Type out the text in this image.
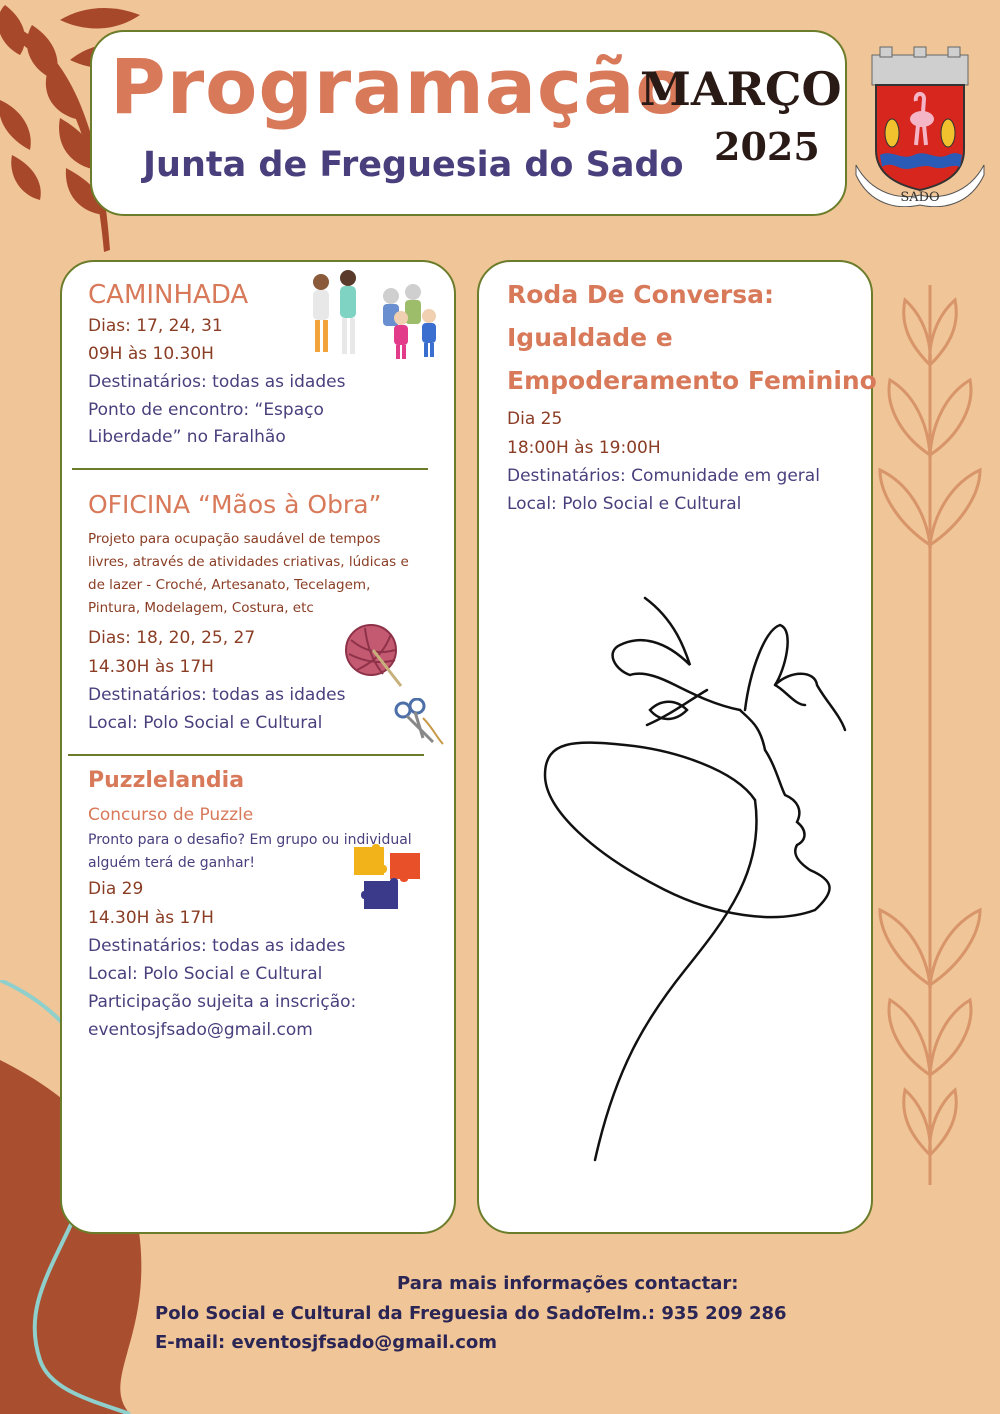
Programação
Junta de Freguesia do Sado
MARÇO
2025
SADO
CAMINHADA
Dias: 17, 24, 31
09H às 10.30H
Destinatários: todas as idades
Ponto de encontro: “Espaço
Liberdade” no Faralhão
OFICINA “Mãos à Obra”
Projeto para ocupação saudável de tempos
livres, através de atividades criativas, lúdicas e
de lazer - Croché, Artesanato, Tecelagem,
Pintura, Modelagem, Costura, etc
Dias: 18, 20, 25, 27
14.30H às 17H
Destinatários: todas as idades
Local: Polo Social e Cultural
Puzzlelandia
Concurso de Puzzle
Pronto para o desafio? Em grupo ou individual
alguém terá de ganhar!
Dia 29
14.30H às 17H
Destinatários: todas as idades
Local: Polo Social e Cultural
Participação sujeita a inscrição:
eventosjfsado@gmail.com
Roda De Conversa:
Igualdade e
Empoderamento Feminino
Dia 25
18:00H às 19:00H
Destinatários: Comunidade em geral
Local: Polo Social e Cultural
Para mais informações contactar:
Polo Social e Cultural da Freguesia do Sado
Telm.: 935 209 286
E-mail: eventosjfsado@gmail.com
